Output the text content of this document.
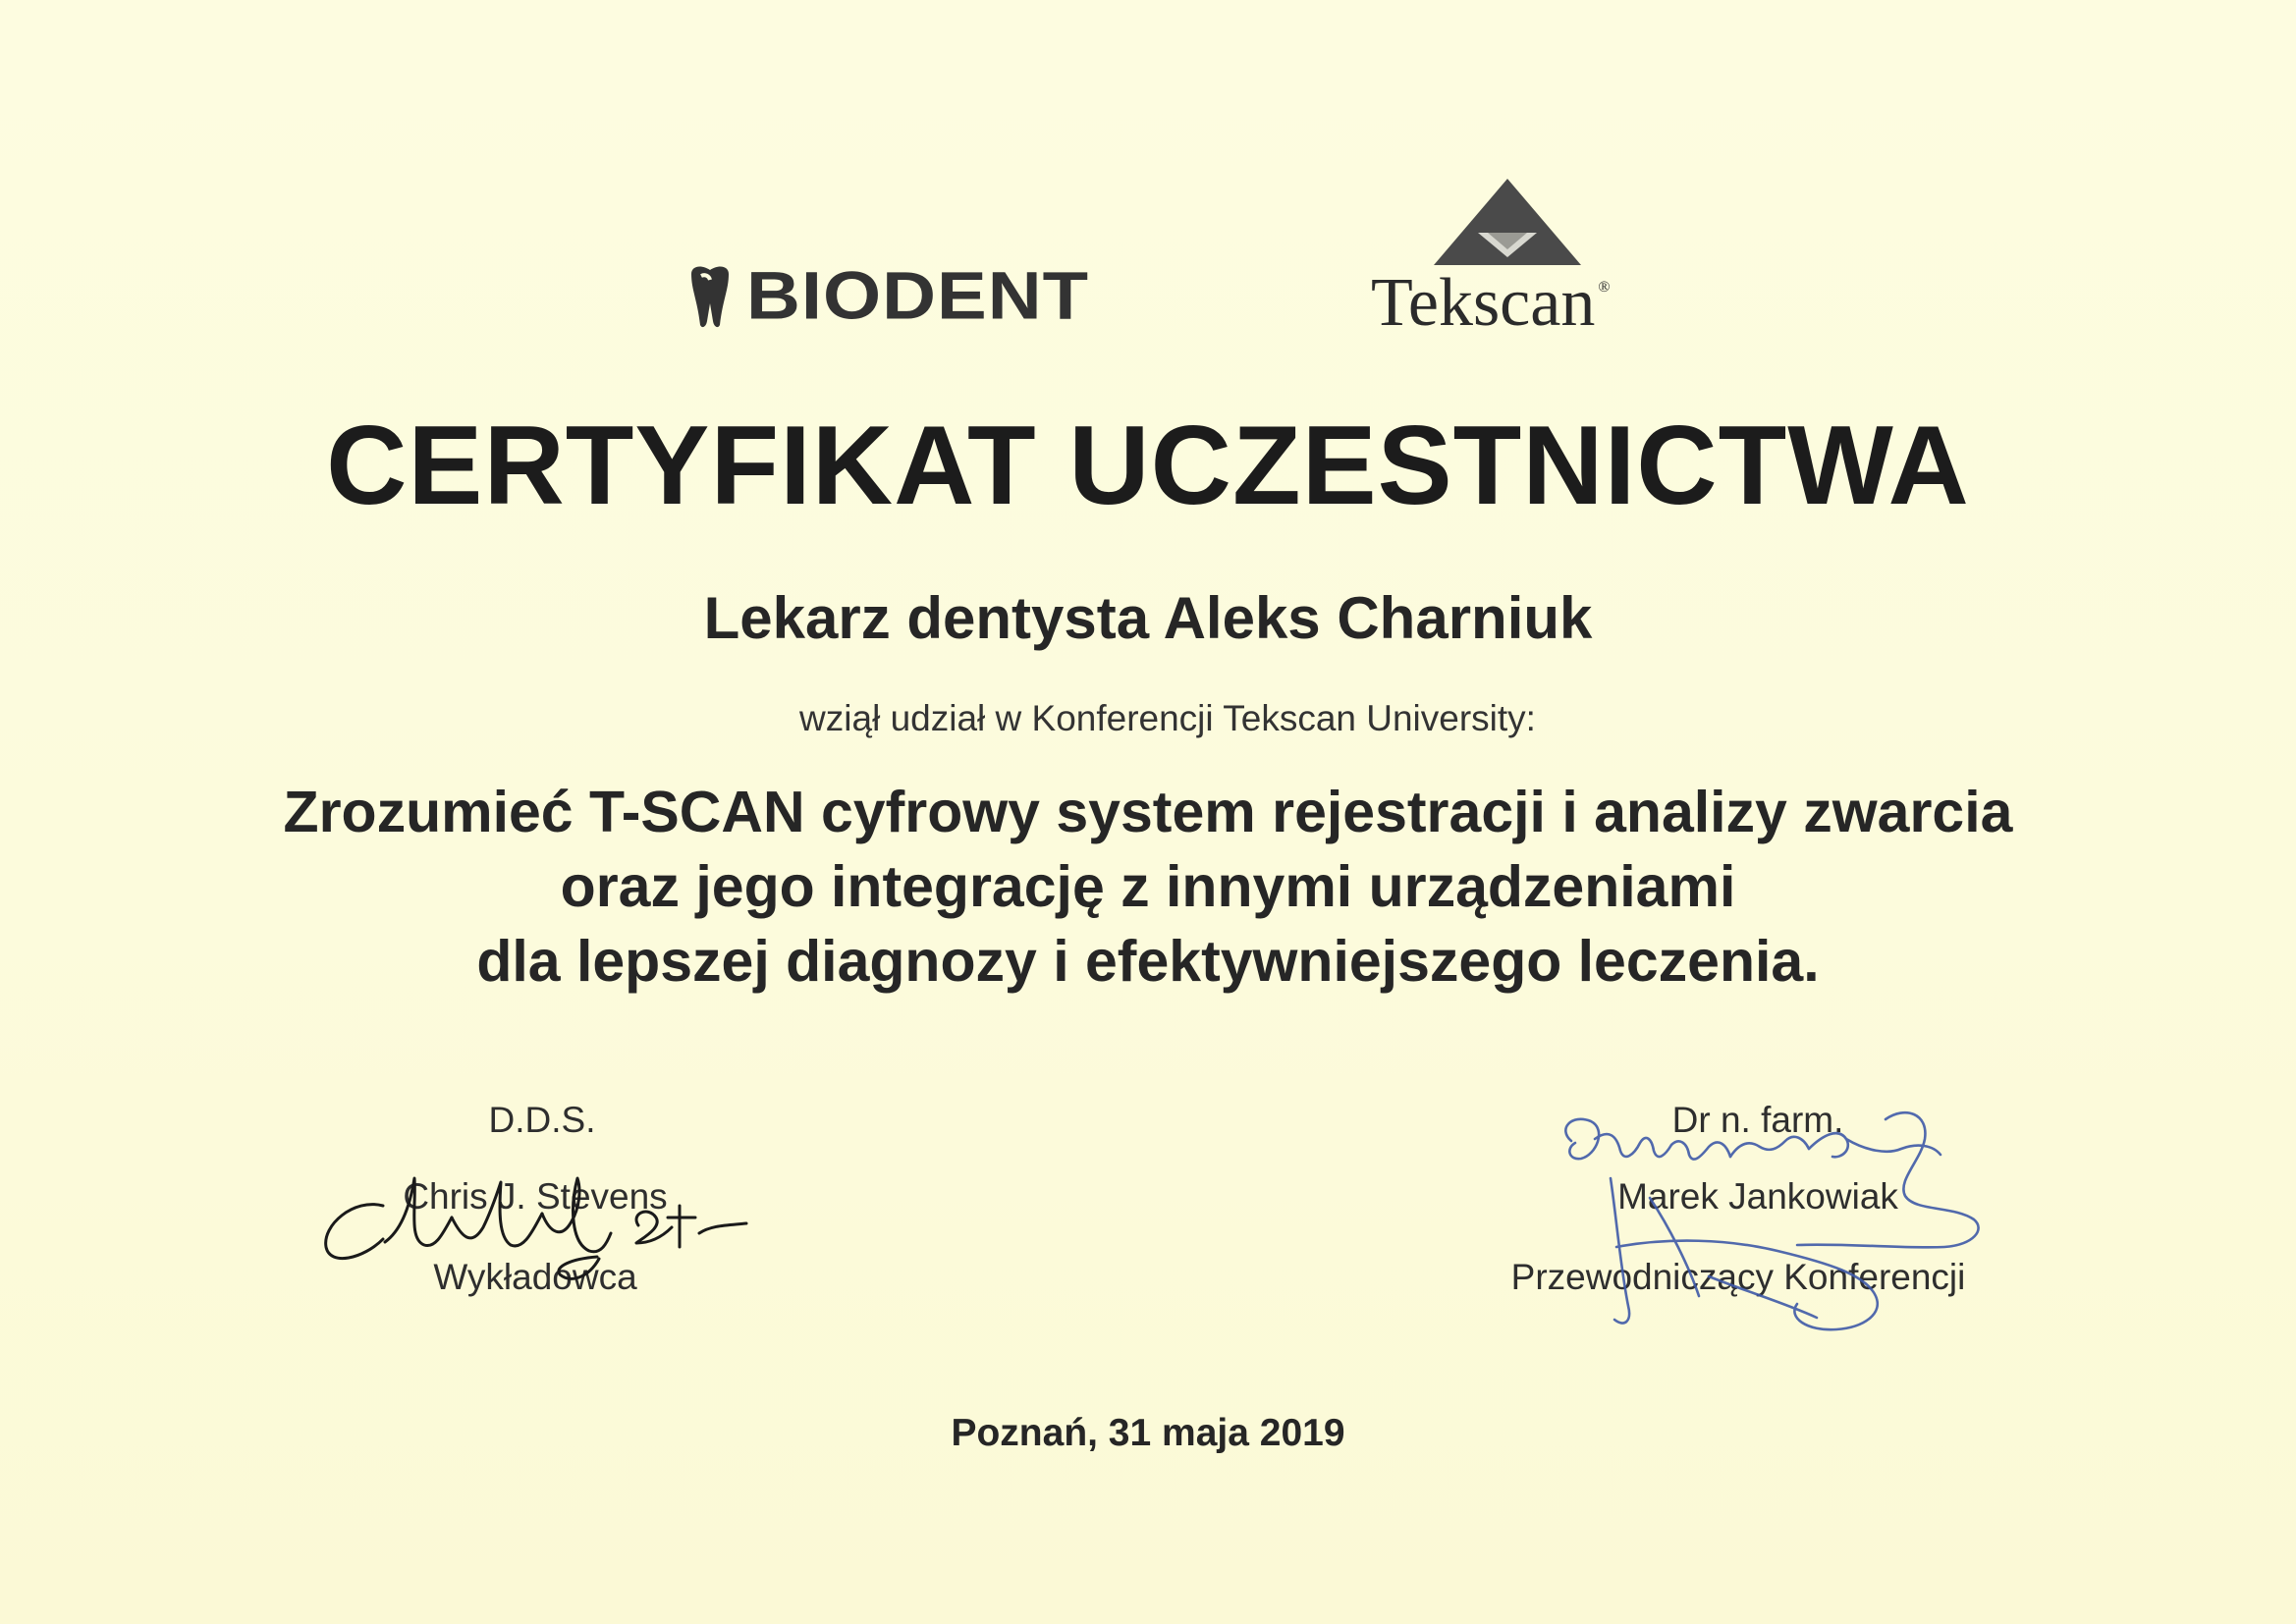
BIODENT	Tekscan ®
CERTYFIKAT UCZESTNICTWA
Lekarz dentysta Aleks Charniuk
wziął udział w Konferencji Tekscan University:
Zrozumieć T-SCAN cyfrowy system rejestracji i analizy zwarcia
oraz jego integrację z innymi urządzeniami
dla lepszej diagnozy i efektywniejszego leczenia.
D.D.S.
Chris J. Stevens
Wykładowca
Dr n. farm.
Marek Jankowiak
Przewodniczący Konferencji
Poznań, 31 maja 2019
